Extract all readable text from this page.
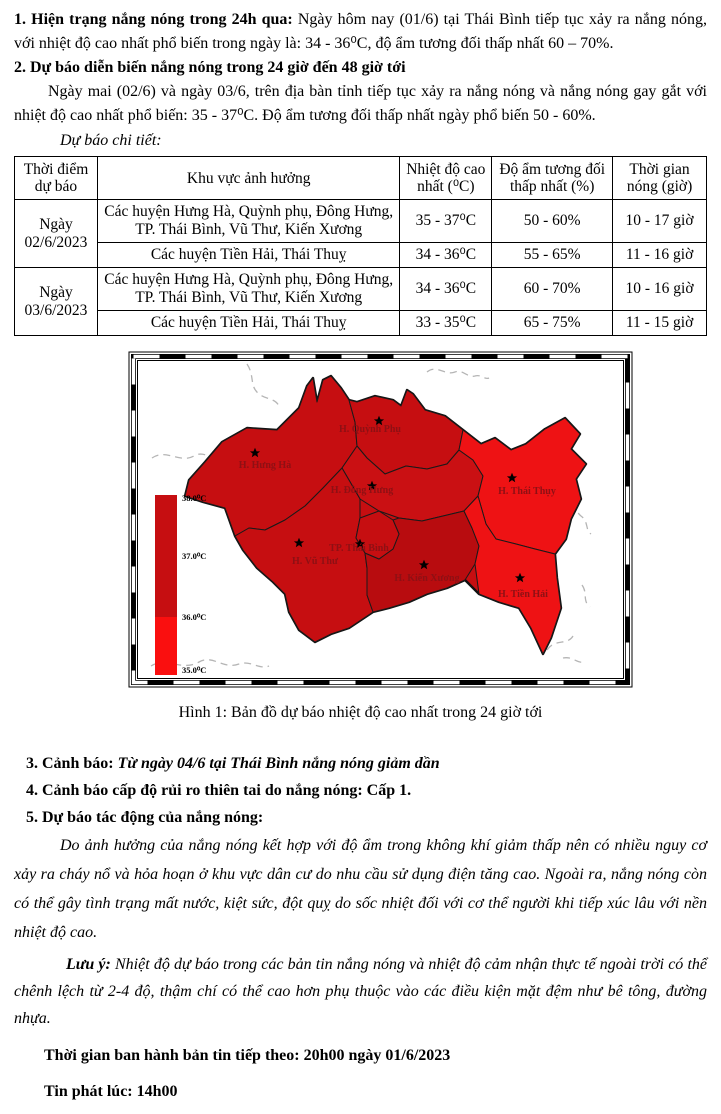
1. Hiện trạng nắng nóng trong 24h qua: Ngày hôm nay (01/6) tại Thái Bình tiếp tục xảy ra nắng nóng, với nhiệt độ cao nhất phổ biến trong ngày là: 34 - 36⁰C, độ ẩm tương đối thấp nhất 60 – 70%.

2. Dự báo diễn biến nắng nóng trong 24 giờ đến 48 giờ tới

Ngày mai (02/6) và ngày 03/6, trên địa bàn tỉnh tiếp tục xảy ra nắng nóng và nắng nóng gay gắt với nhiệt độ cao nhất phổ biến: 35 - 37⁰C. Độ ẩm tương đối thấp nhất ngày phổ biến 50 - 60%.

Dự báo chi tiết:

Thời điểm dự báo	Khu vực ảnh hưởng	Nhiệt độ cao nhất (⁰C)	Độ ẩm tương đối thấp nhất (%)	Thời gian nóng (giờ)
Ngày 02/6/2023	Các huyện Hưng Hà, Quỳnh phụ, Đông Hưng, TP. Thái Bình, Vũ Thư, Kiến Xương	35 - 37⁰C	50 - 60%	10 - 17 giờ
	Các huyện Tiền Hải, Thái Thuỵ	34 - 36⁰C	55 - 65%	11 - 16 giờ
Ngày 03/6/2023	Các huyện Hưng Hà, Quỳnh phụ, Đông Hưng, TP. Thái Bình, Vũ Thư, Kiến Xương	34 - 36⁰C	60 - 70%	10 - 16 giờ
	Các huyện Tiền Hải, Thái Thuỵ	33 - 35⁰C	65 - 75%	11 - 15 giờ
H. Quỳnh Phụ
H. Hưng Hà
H. Đông Hưng	H. Thái Thụy
TP. Thái Bình
H. Vũ Thư
H. Kiến Xương
H. Tiền Hải
38.0⁰C
37.0⁰C
36.0⁰C
35.0⁰C

Hình 1: Bản đồ dự báo nhiệt độ cao nhất trong 24 giờ tới

3. Cảnh báo: Từ ngày 04/6 tại Thái Bình nắng nóng giảm dần

4. Cảnh báo cấp độ rủi ro thiên tai do nắng nóng: Cấp 1.

5. Dự báo tác động của nắng nóng:

Do ảnh hưởng của nắng nóng kết hợp với độ ẩm trong không khí giảm thấp nên có nhiều nguy cơ xảy ra cháy nổ và hỏa hoạn ở khu vực dân cư do nhu cầu sử dụng điện tăng cao. Ngoài ra, nắng nóng còn có thể gây tình trạng mất nước, kiệt sức, đột quỵ do sốc nhiệt đối với cơ thể người khi tiếp xúc lâu với nền nhiệt độ cao.

Lưu ý: Nhiệt độ dự báo trong các bản tin nắng nóng và nhiệt độ cảm nhận thực tế ngoài trời có thể chênh lệch từ 2-4 độ, thậm chí có thể cao hơn phụ thuộc vào các điều kiện mặt đệm như bê tông, đường nhựa.

Thời gian ban hành bản tin tiếp theo: 20h00 ngày 01/6/2023

Tin phát lúc: 14h00
